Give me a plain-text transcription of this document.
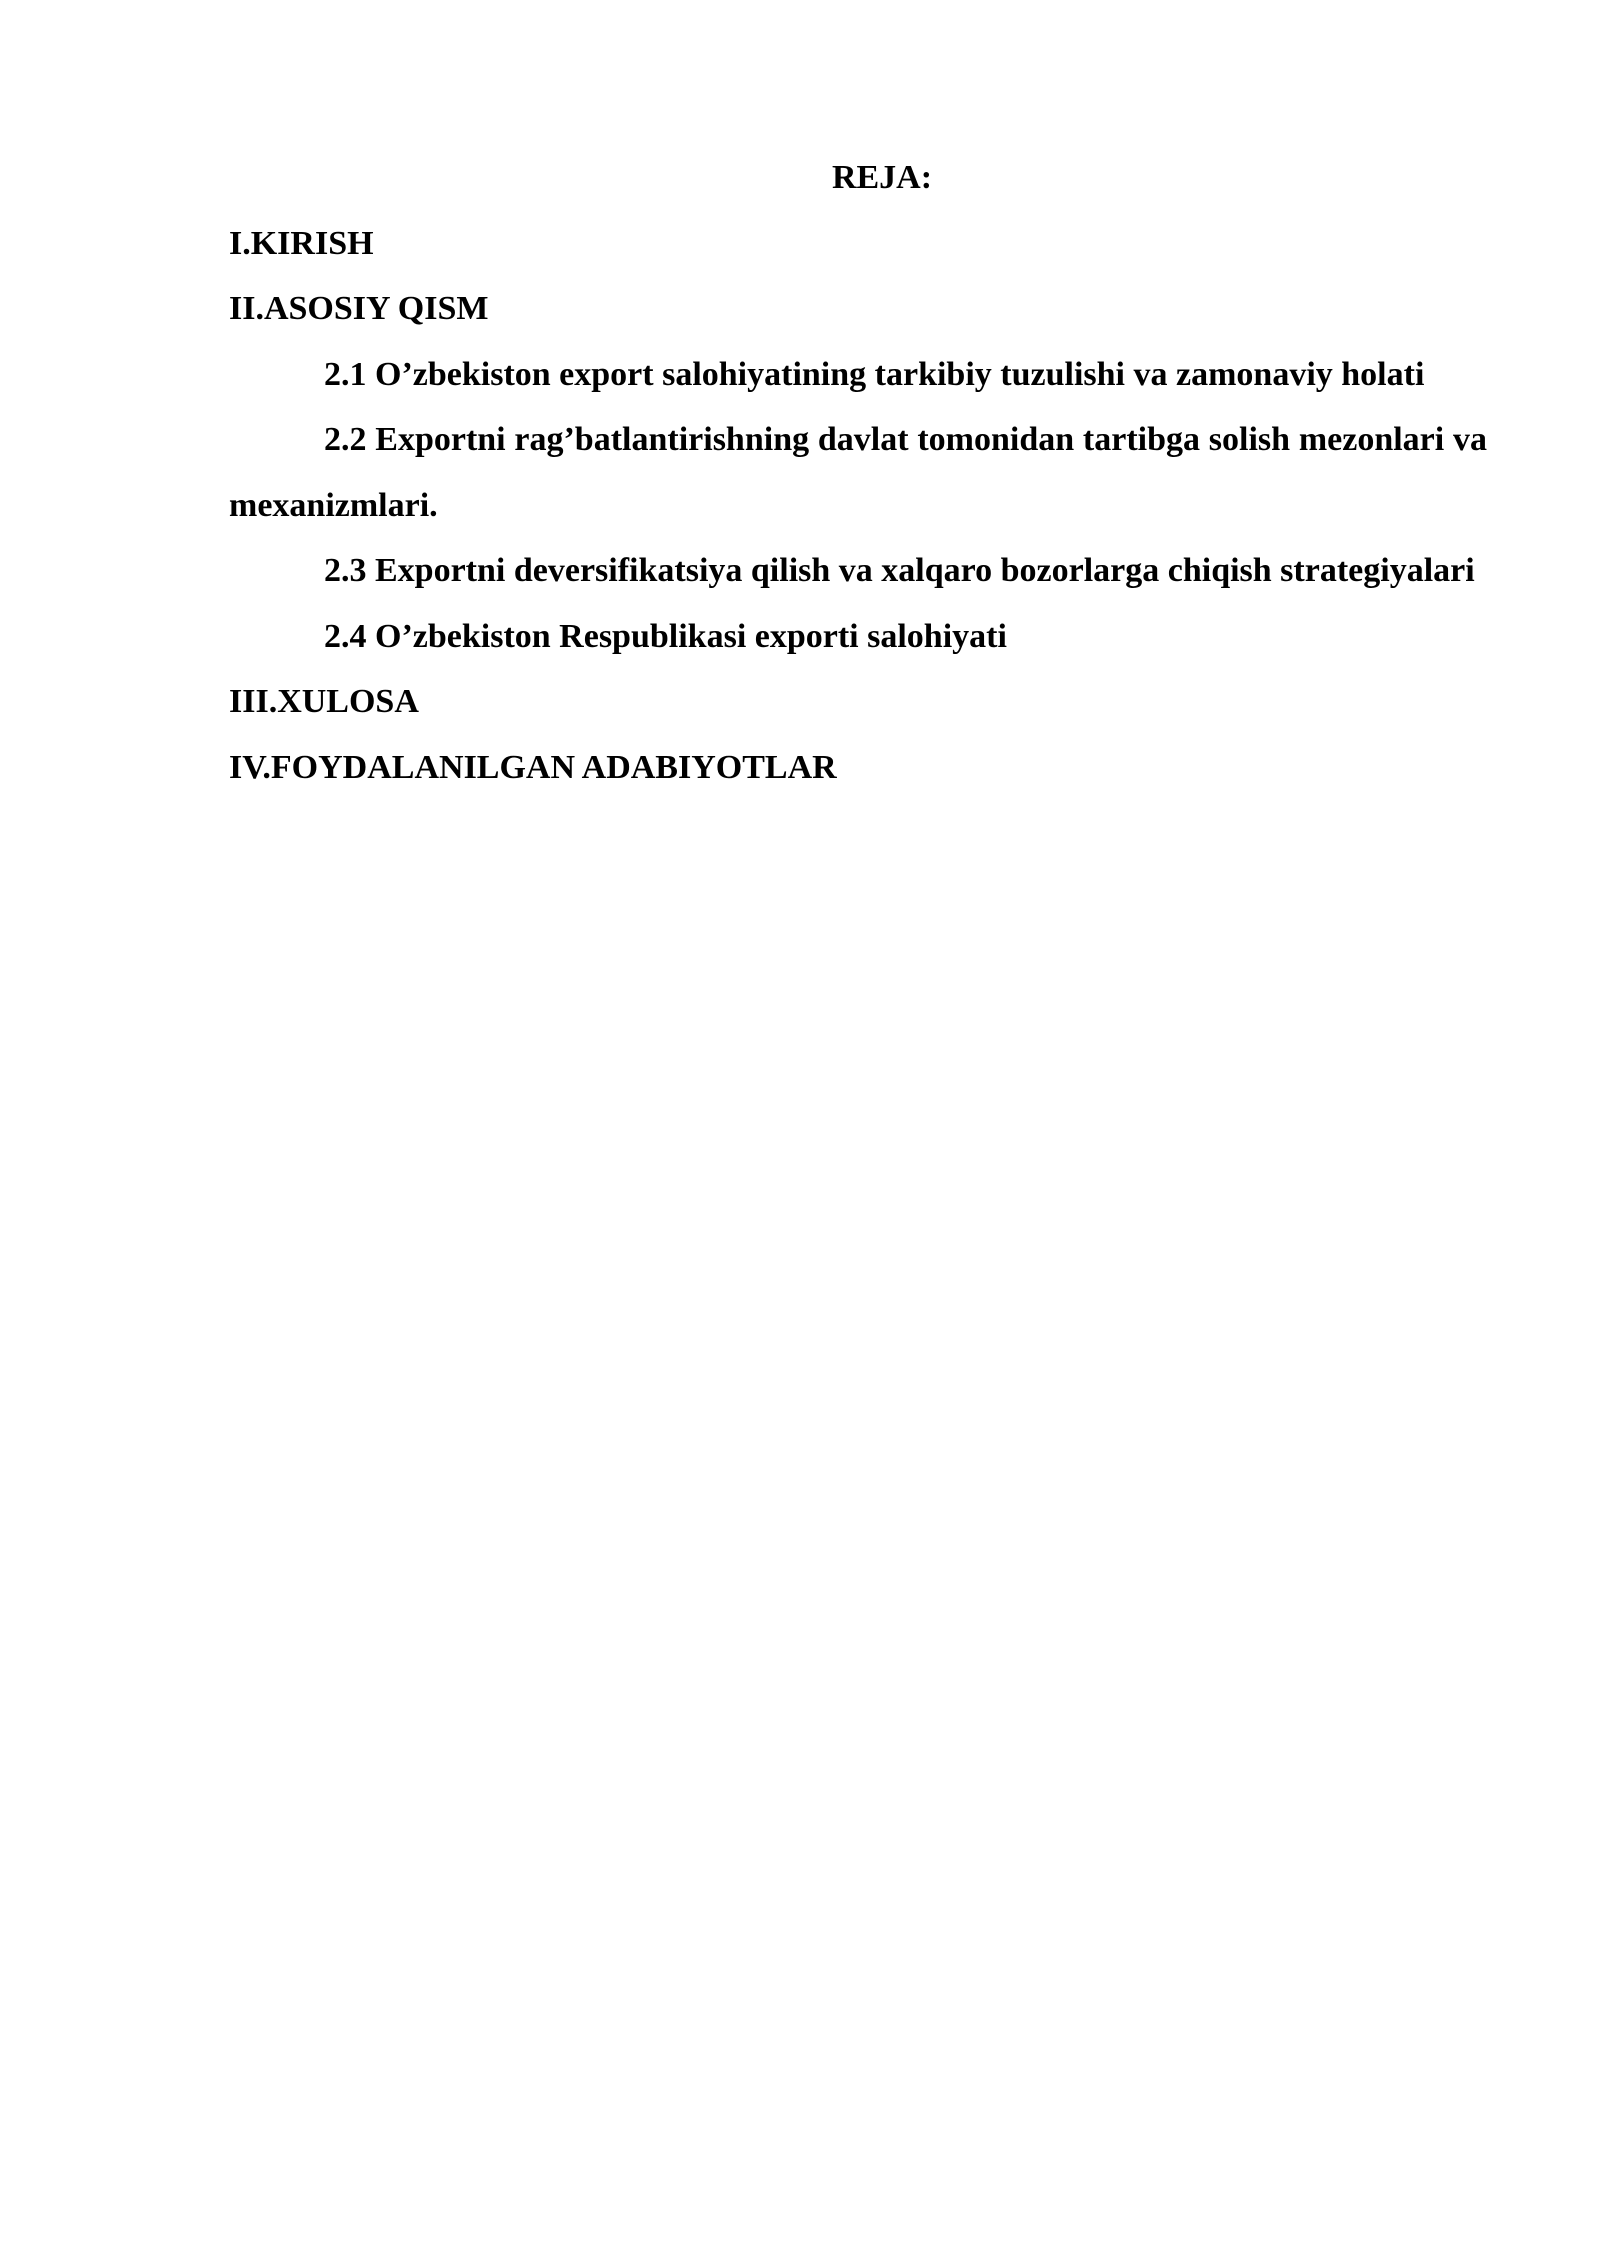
REJA:

I.KIRISH

II.ASOSIY QISM

2.1 O’zbekiston export salohiyatining tarkibiy tuzulishi va zamonaviy holati

2.2 Exportni rag’batlantirishning davlat tomonidan tartibga solish mezonlari va mexanizmlari.

2.3 Exportni deversifikatsiya qilish va xalqaro bozorlarga chiqish strategiyalari

2.4 O’zbekiston Respublikasi exporti salohiyati

III.XULOSA

IV.FOYDALANILGAN ADABIYOTLAR
